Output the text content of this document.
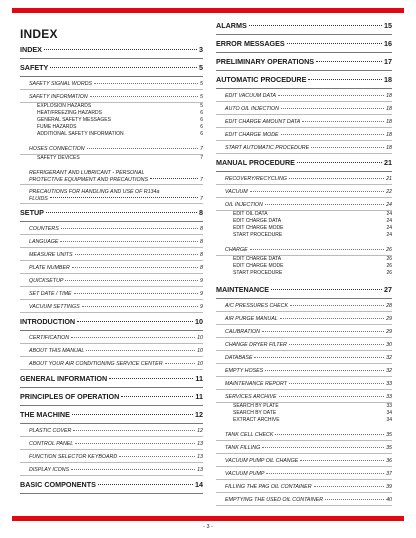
INDEX
INDEX	3
SAFETY	5
SAFETY SIGNAL WORDS	5
SAFETY INFORMATION	5
EXPLOSION HAZARDS	5
HEAT/FREEZING HAZARDS	6
GENERAL SAFETY MESSAGES	6
FUME HAZARDS	6
ADDITIONAL SAFETY INFORMATION	6
HOSES CONNECTION	7
SAFETY DEVICES	7
REFRIGERANT AND LUBRICANT - PERSONAL
PROTECTIVE EQUIPMENT AND PRECAUTIONS	7
PRECAUTIONS FOR HANDLING AND USE OF R134a
FLUIDS	7
SETUP	8
COUNTERS	8
LANGUAGE	8
MEASURE UNITS	8
PLATE NUMBER	8
QUICKSETUP	9
SET DATE / TIME	9
VACUUM SETTINGS	9
INTRODUCTION	10
CERTIFICATION	10
ABOUT THIS MANUAL	10
ABOUT YOUR AIR CONDITIONING SERVICE CENTER	10
GENERAL INFORMATION	11
PRINCIPLES OF OPERATION	11
THE MACHINE	12
PLASTIC COVER	12
CONTROL PANEL	13
FUNCTION SELECTOR KEYBOARD	13
DISPLAY ICONS	13
BASIC COMPONENTS	14
ALARMS	15
ERROR MESSAGES	16
PRELIMINARY OPERATIONS	17
AUTOMATIC PROCEDURE	18
EDIT VACUUM DATA	18
AUTO OIL INJECTION	18
EDIT CHARGE AMOUNT DATA	18
EDIT CHARGE MODE	18
START AUTOMATIC PROCEDURE	18
MANUAL PROCEDURE	21
RECOVERY/RECYCLING	21
VACUUM	22
OIL INJECTION	24
EDIT OIL DATA	24
EDIT CHARGE DATA	24
EDIT CHARGE MODE	24
START PROCEDURE	24
CHARGE	26
EDIT CHARGE DATA	26
EDIT CHARGE MODE	26
START PROCEDURE	26
MAINTENANCE	27
A/C PRESSURES CHECK	28
AIR PURGE MANUAL	29
CALIBRATION	29
CHANGE DRYER FILTER	30
DATABASE	32
EMPTY HOSES	32
MAINTENANCE REPORT	33
SERVICES ARCHIVE	33
SEARCH BY PLATE	33
SEARCH BY DATE	34
EXTRACT ARCHIVE	34
TANK CELL CHECK	35
TANK FILLING	35
VACUUM PUMP OIL CHANGE	36
VACUUM PUMP	37
FILLING THE PAG OIL CONTAINER	39
EMPTYING THE USED OIL CONTAINER	40
- 3 -
